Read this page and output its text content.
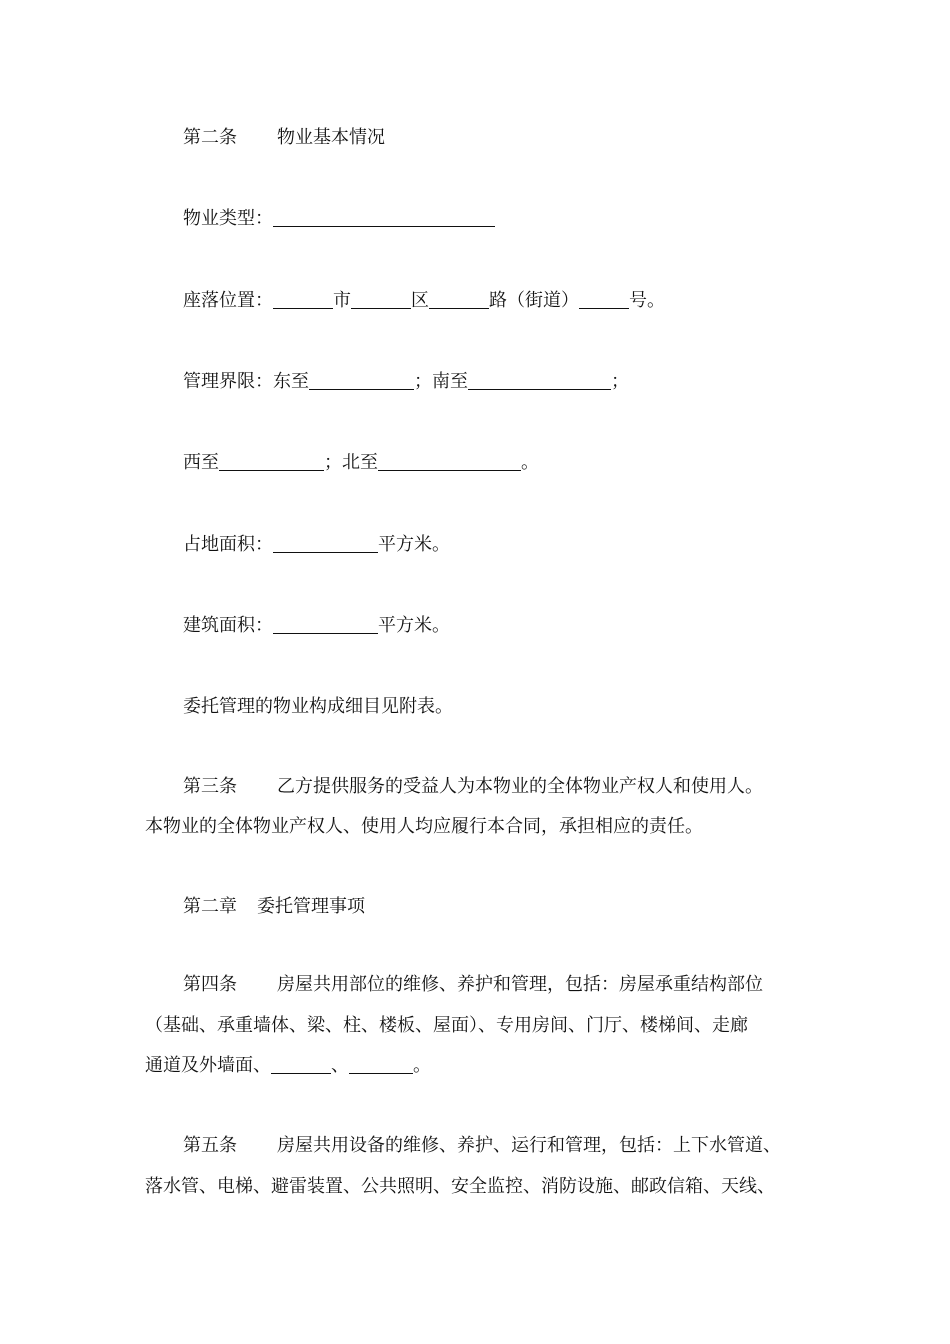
第二条 物业基本情况
物业类型：
座落位置：	市	区	路（街道）	号。
管理界限：东至	；南至	；
西至	；北至	。
占地面积：	平方米。
建筑面积：	平方米。
委托管理的物业构成细目见附表。
第三条 乙方提供服务的受益人为本物业的全体物业产权人和使用人。
本物业的全体物业产权人、使用人均应履行本合同，承担相应的责任。
第二章 委托管理事项
第四条 房屋共用部位的维修、养护和管理，包括：房屋承重结构部位
（基础、承重墙体、梁、柱、楼板、屋面）、专用房间、门厅、楼梯间、走廊
通道及外墙面、	、	。
第五条 房屋共用设备的维修、养护、运行和管理，包括：上下水管道、
落水管、电梯、避雷装置、公共照明、安全监控、消防设施、邮政信箱、天线、
